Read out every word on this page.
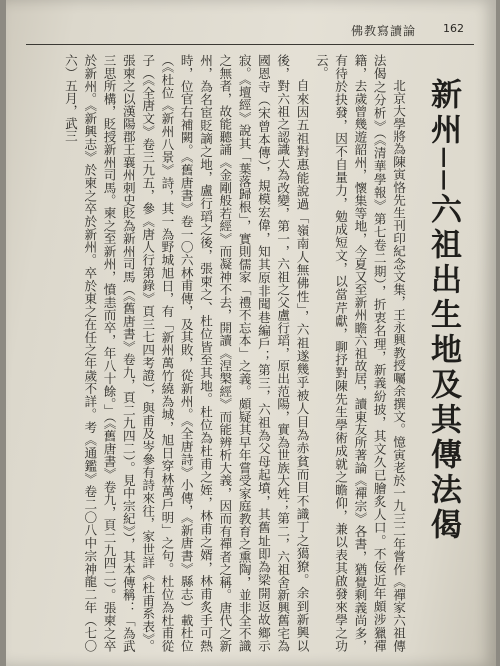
佛教寫讀論 162
新州──六祖出生地及其傳法偈

北京大學將為陳寅恪先生刊印紀念文集，王永興教授囑余撰文。憶寅老於一九三二年嘗作《禪家六祖傳法偈之分析》（《清華學報》第七卷二期），折衷名理，新義紛披，其文久已膾炙人口。不佞近年頗涉獵禪籍，去歲曾幾遊韶州，懷集等地，今夏又至新州瞻六祖故居，讀東友所著論《禪宗》各書，猶覺剩義尚多，有待於抉發，因不自量力，勉成短文，以當芹獻，聊抒對陳先生學術成就之瞻仰，兼以表其啟發來學之功云。

自來因五祖對惠能說過「嶺南人無佛性」，六祖遂幾乎被人目為赤貧而目不識丁之獦獠。余到新興以後，對六祖之認識大為改變，第一，六祖之父盧行瑫，原出范陽，實為世族大姓；第二，六祖舍新興舊宅為國恩寺（宋曾本傳），規模宏偉，知其原非聞巷編戶；第三，六祖為父母起墳，其舊址即為梁開返故鄉示寂。《壇經》說其「葉落歸根」，實則儒家「禮不忘本」之義。頗疑其早年嘗受家庭教育之熏陶，並非全不識之無者，故能聽誦《金剛般若經》而凝神不去，開讀《涅槃經》而能辨析大義，因而有禪者之稱。唐代之新州，為名宦貶謫之地，盧行瑫之後，張柬之、杜位皆至其地。杜位為杜甫之姪，林甫之婿，林甫炙手可熱時，位官右補闕。《舊唐書》卷一〇六林甫傳，及其敗，從新州。《全唐詩》小傳，《新唐書》縣志）載杜位（《杜位《新州八景》詩，其一為野城旭日，有「新州萬竹繞為城，旭日穿林萬戶明」之句。杜位為杜甫從子（《全唐文》卷三九五，參《唐人行第錄》頁三七四考證），與甫及岑參有詩來往，家世詳《杜甫系表》。張柬之以漢陽郡王襄州刺史貶為新州司馬（《舊唐書》卷九，頁二九四二）。見中宗紀》），其本傳稱：「為武三思所構，貶授新州司馬。柬之至新州，憤恚而卒，年八十餘。」（《舊唐書》卷九，頁二九四二）。張柬之卒於新州。《新興志》於柬之卒於新州。卒於東之在任之年歲不詳。考《通鑑》卷二〇八中宗神龍二年（七〇六）五月，武三
